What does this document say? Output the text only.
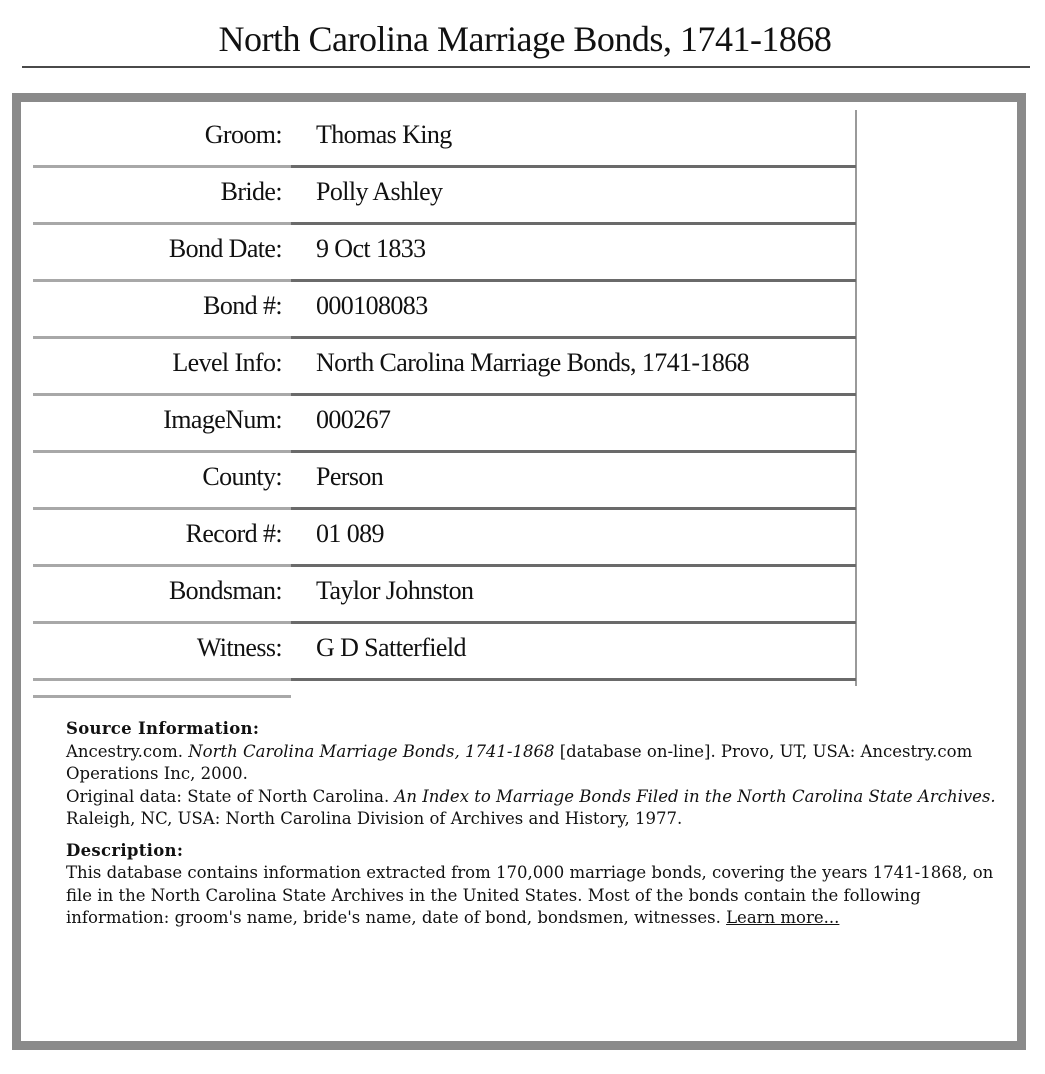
North Carolina Marriage Bonds, 1741-1868
Groom: Thomas King
Bride: Polly Ashley
Bond Date: 9 Oct 1833
Bond #: 000108083
Level Info: North Carolina Marriage Bonds, 1741-1868
ImageNum: 000267
County: Person
Record #: 01 089
Bondsman: Taylor Johnston
Witness: G D Satterfield
Source Information:
Ancestry.com. North Carolina Marriage Bonds, 1741-1868 [database on-line]. Provo, UT, USA: Ancestry.com Operations Inc, 2000.
Original data: State of North Carolina. An Index to Marriage Bonds Filed in the North Carolina State Archives. Raleigh, NC, USA: North Carolina Division of Archives and History, 1977.
Description:
This database contains information extracted from 170,000 marriage bonds, covering the years 1741-1868, on file in the North Carolina State Archives in the United States. Most of the bonds contain the following information: groom's name, bride's name, date of bond, bondsmen, witnesses. Learn more...
